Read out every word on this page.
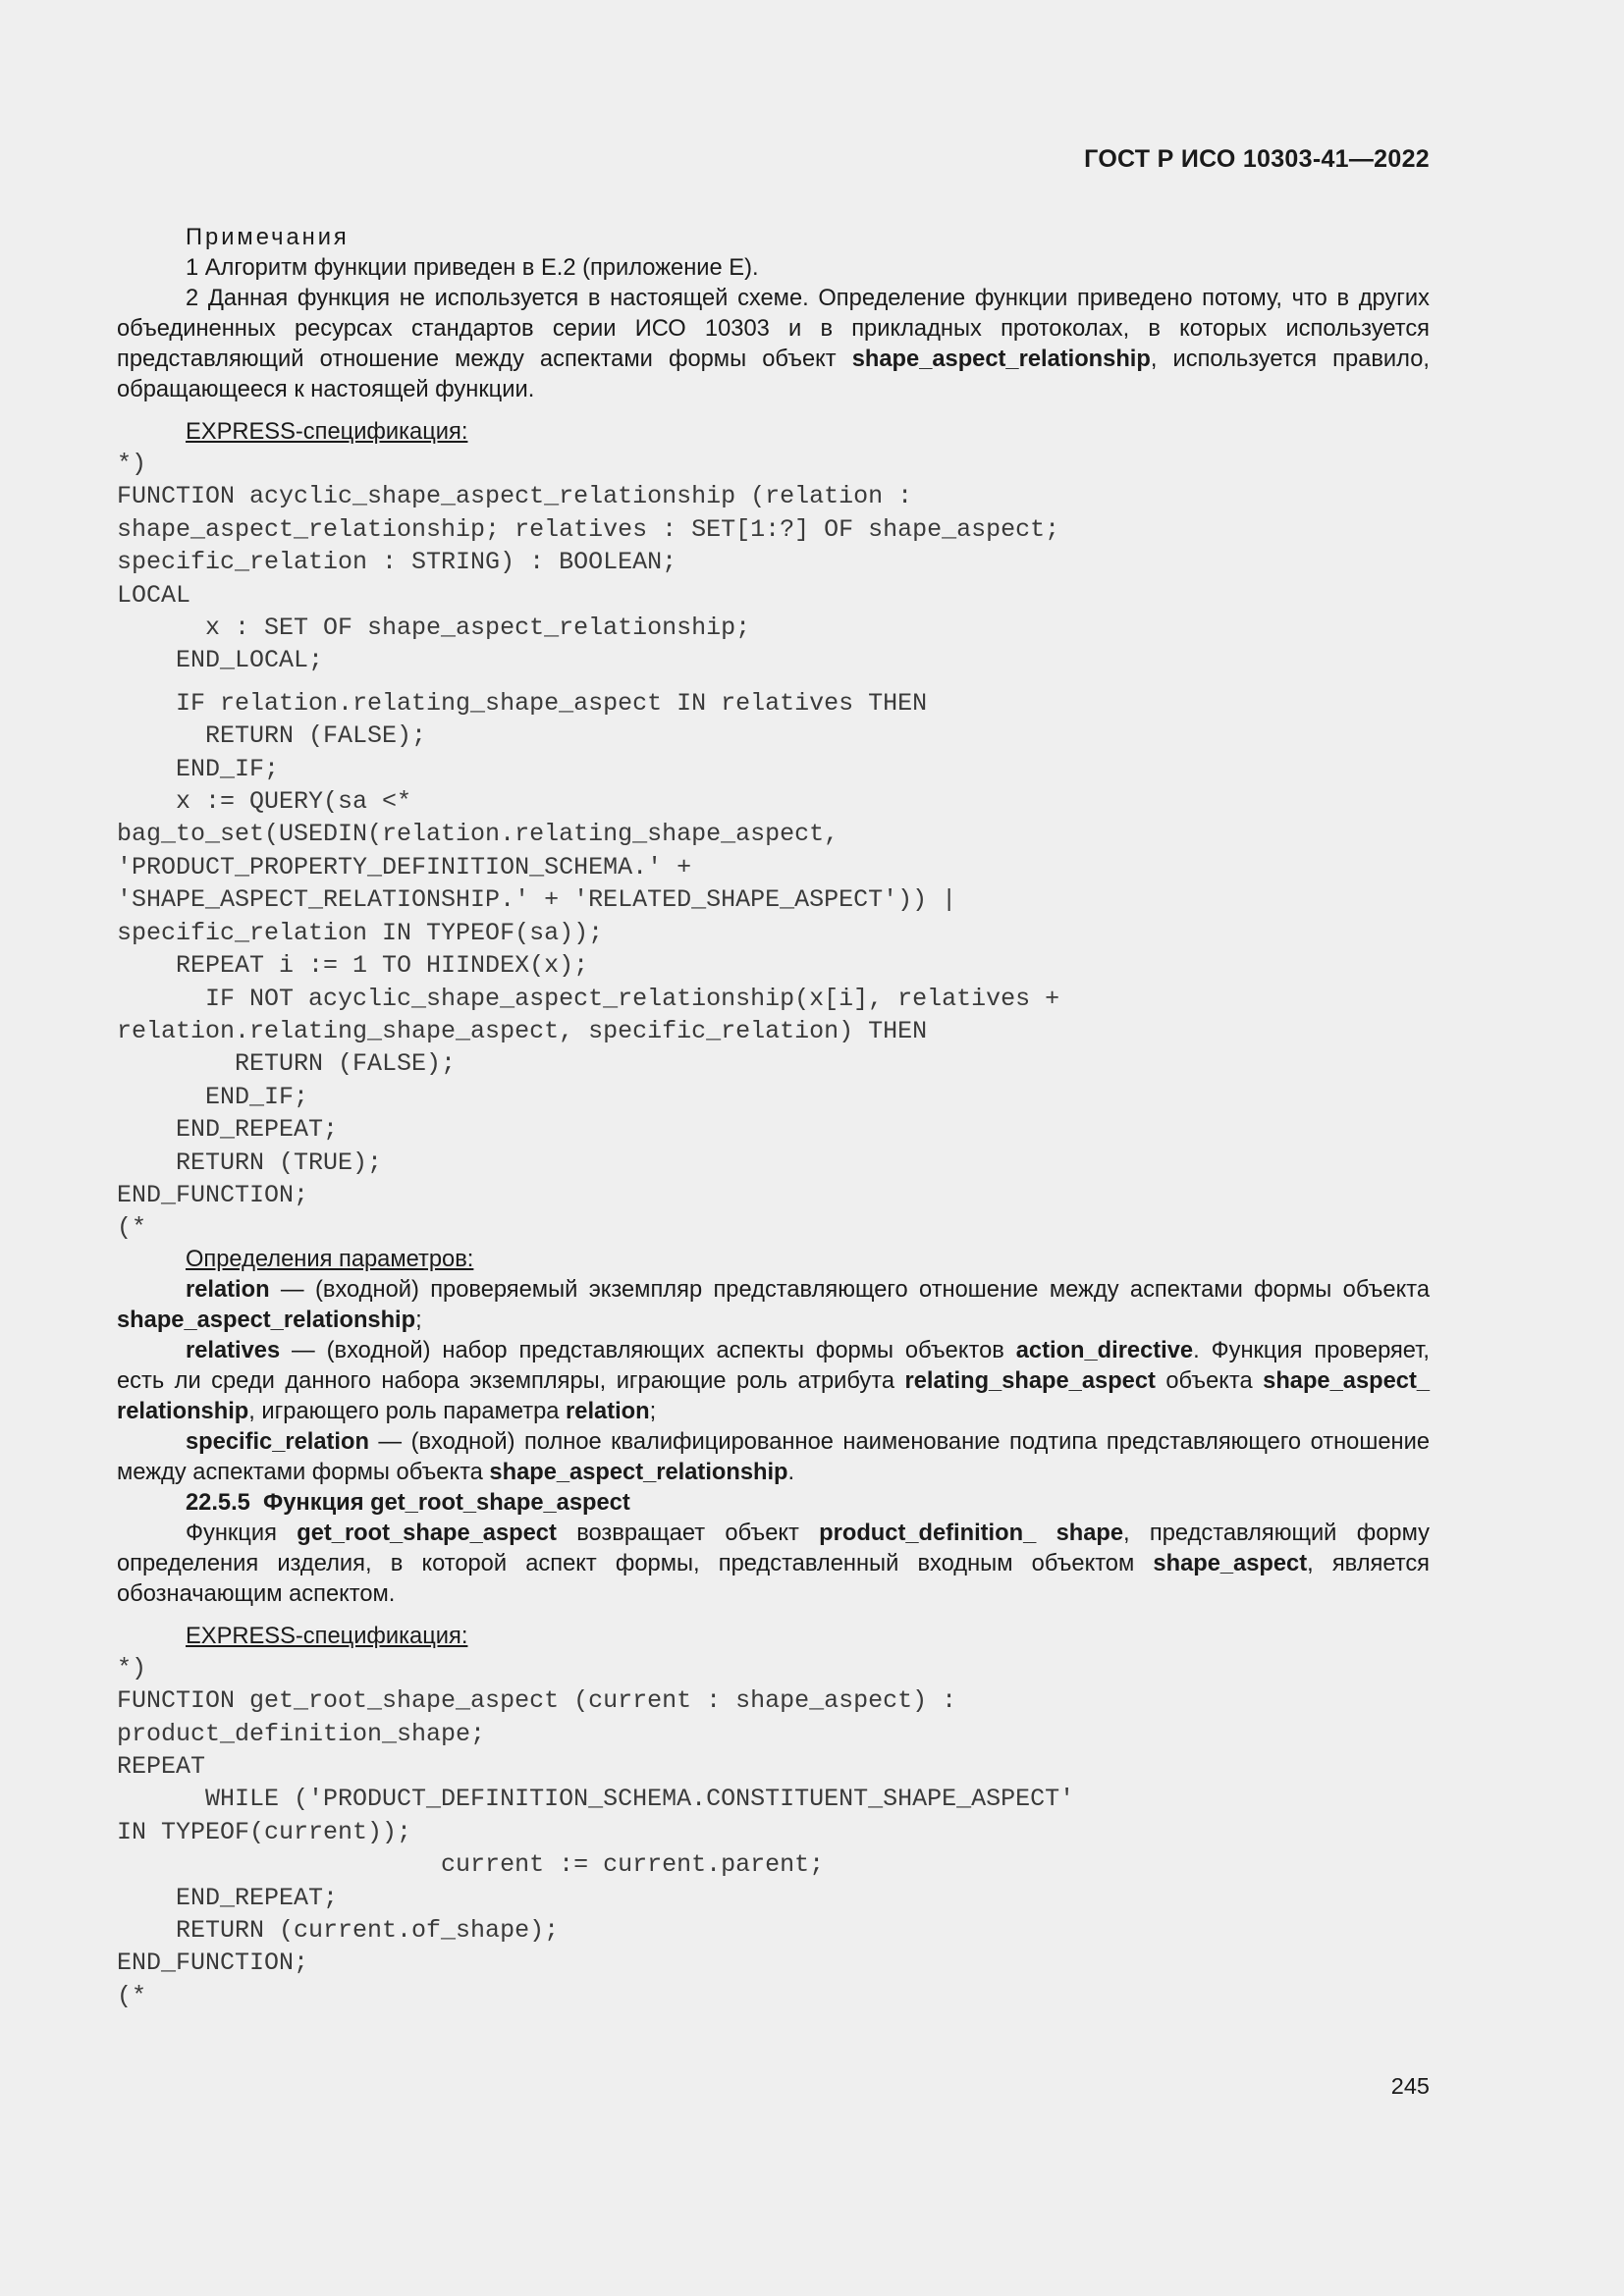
ГОСТ Р ИСО 10303-41—2022

Примечания

1 Алгоритм функции приведен в Е.2 (приложение Е).

2 Данная функция не используется в настоящей схеме. Определение функции приведено потому, что в других объединенных ресурсах стандартов серии ИСО 10303 и в прикладных протоколах, в которых используется представляющий отношение между аспектами формы объект shape_aspect_relationship, используется правило, обращающееся к настоящей функции.

EXPRESS-спецификация:

*)
FUNCTION acyclic_shape_aspect_relationship (relation :
shape_aspect_relationship; relatives : SET[1:?] OF shape_aspect;
specific_relation : STRING) : BOOLEAN;
LOCAL
x : SET OF shape_aspect_relationship;
END_LOCAL;
IF relation.relating_shape_aspect IN relatives THEN
RETURN (FALSE);
END_IF;
x := QUERY(sa <*
bag_to_set(USEDIN(relation.relating_shape_aspect,
'PRODUCT_PROPERTY_DEFINITION_SCHEMA.' +
'SHAPE_ASPECT_RELATIONSHIP.' + 'RELATED_SHAPE_ASPECT')) |
specific_relation IN TYPEOF(sa));
REPEAT i := 1 TO HIINDEX(x);
IF NOT acyclic_shape_aspect_relationship(x[i], relatives +
relation.relating_shape_aspect, specific_relation) THEN
RETURN (FALSE);
END_IF;
END_REPEAT;
RETURN (TRUE);
END_FUNCTION;
(*

Определения параметров:

relation — (входной) проверяемый экземпляр представляющего отношение между аспектами формы объекта shape_aspect_relationship;

relatives — (входной) набор представляющих аспекты формы объектов action_directive. Функция проверяет, есть ли среди данного набора экземпляры, играющие роль атрибута relating_shape_aspect объекта shape_aspect_ relationship, играющего роль параметра relation;

specific_relation — (входной) полное квалифицированное наименование подтипа представляющего отношение между аспектами формы объекта shape_aspect_relationship.

22.5.5 Функция get_root_shape_aspect

Функция get_root_shape_aspect возвращает объект product_definition_ shape, представляющий форму определения изделия, в которой аспект формы, представленный входным объектом shape_aspect, является обозначающим аспектом.

EXPRESS-спецификация:

*)
FUNCTION get_root_shape_aspect (current : shape_aspect) :
product_definition_shape;
REPEAT
WHILE ('PRODUCT_DEFINITION_SCHEMA.CONSTITUENT_SHAPE_ASPECT'
IN TYPEOF(current));
current := current.parent;
END_REPEAT;
RETURN (current.of_shape);
END_FUNCTION;
(*
245
